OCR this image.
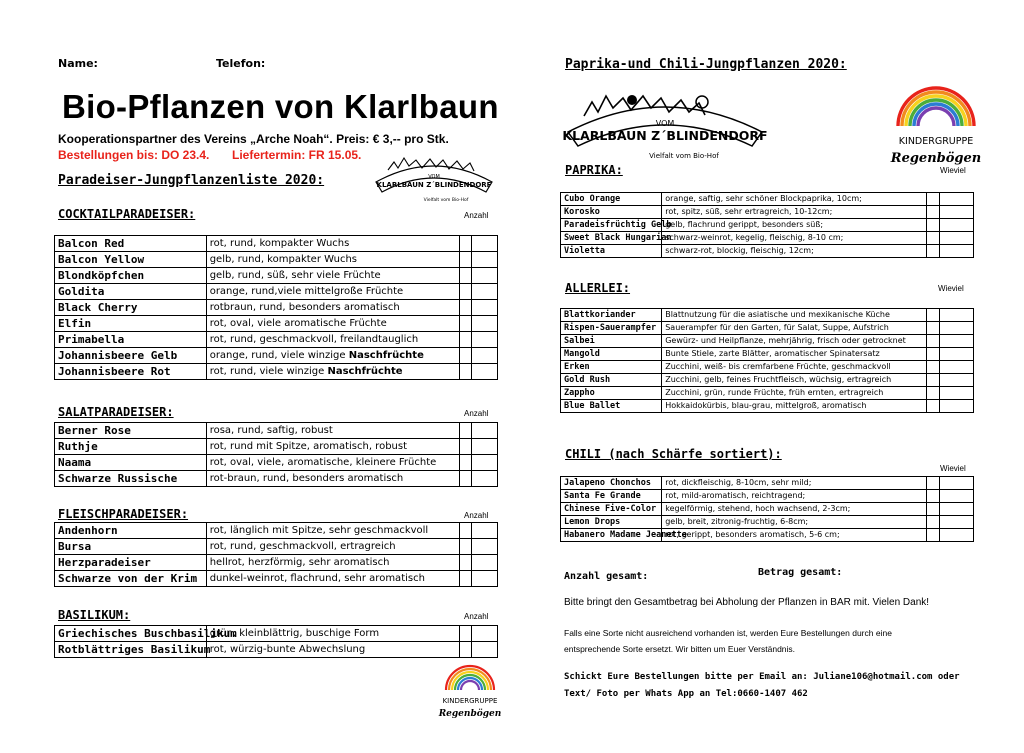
Name:	Telefon:
Bio-Pflanzen von Klarlbaun
Kooperationspartner des Vereins „Arche Noah“. Preis: € 3,-- pro Stk.
Bestellungen bis: DO 23.4. Liefertermin: FR 15.05.
VOM
KLARLBAUN Z´BLINDENDORF
Vielfalt vom Bio-Hof
Paradeiser-Jungpflanzenliste 2020:
COCKTAILPARADEISER:	Anzahl
Balcon Red	rot, rund, kompakter Wuchs		
Balcon Yellow	gelb, rund, kompakter Wuchs		
Blondköpfchen	gelb, rund, süß, sehr viele Früchte		
Goldita	orange, rund,viele mittelgroße Früchte		
Black Cherry	rotbraun, rund, besonders aromatisch		
Elfin	rot, oval, viele aromatische Früchte		
Primabella	rot, rund, geschmackvoll, freilandtauglich		
Johannisbeere Gelb	orange, rund, viele winzige Naschfrüchte		
Johannisbeere Rot	rot, rund, viele winzige Naschfrüchte		
SALATPARADEISER:	Anzahl
Berner Rose	rosa, rund, saftig, robust		
Ruthje	rot, rund mit Spitze, aromatisch, robust		
Naama	rot, oval, viele, aromatische, kleinere Früchte		
Schwarze Russische	rot-braun, rund, besonders aromatisch		
FLEISCHPARADEISER:	Anzahl
Andenhorn	rot, länglich mit Spitze, sehr geschmackvoll		
Bursa	rot, rund, geschmackvoll, ertragreich		
Herzparadeiser	hellrot, herzförmig, sehr aromatisch		
Schwarze von der Krim	dunkel-weinrot, flachrund, sehr aromatisch		
BASILIKUM:	Anzahl
Griechisches Buschbasilikum	grün, kleinblättrig, buschige Form		
Rotblättriges Basilikum	rot, würzig-bunte Abwechslung		
KINDERGRUPPE
Regenbögen
Paprika-und Chili-Jungpflanzen 2020:
VOM
KLARLBAUN Z´BLINDENDORF
Vielfalt vom Bio-Hof
KINDERGRUPPE
Regenbögen
PAPRIKA:	Wieviel
Cubo Orange	orange, saftig, sehr schöner Blockpaprika, 10cm;		
Korosko	rot, spitz, süß, sehr ertragreich, 10-12cm;		
Paradeisfrüchtig Gelb	gelb, flachrund gerippt, besonders süß;		
Sweet Black Hungarian	schwarz-weinrot, kegelig, fleischig, 8-10 cm;		
Violetta	schwarz-rot, blockig, fleischig, 12cm;		
ALLERLEI:	Wieviel
Blattkoriander	Blattnutzung für die asiatische und mexikanische Küche		
Rispen-Sauerampfer	Sauerampfer für den Garten, für Salat, Suppe, Aufstrich		
Salbei	Gewürz- und Heilpflanze, mehrjährig, frisch oder getrocknet		
Mangold	Bunte Stiele, zarte Blätter, aromatischer Spinatersatz		
Erken	Zucchini, weiß- bis cremfarbene Früchte, geschmackvoll		
Gold Rush	Zucchini, gelb, feines Fruchtfleisch, wüchsig, ertragreich		
Zappho	Zucchini, grün, runde Früchte, früh ernten, ertragreich		
Blue Ballet	Hokkaidokürbis, blau-grau, mittelgroß, aromatisch		
CHILI (nach Schärfe sortiert):
Wieviel
Jalapeno Chonchos	rot, dickfleischig, 8-10cm, sehr mild;		
Santa Fe Grande	rot, mild-aromatisch, reichtragend;		
Chinese Five-Color	kegelförmig, stehend, hoch wachsend, 2-3cm;		
Lemon Drops	gelb, breit, zitronig-fruchtig, 6-8cm;		
Habanero Madame Jeanette	rot, gerippt, besonders aromatisch, 5-6 cm;		
Anzahl gesamt:	Betrag gesamt:
Bitte bringt den Gesamtbetrag bei Abholung der Pflanzen in BAR mit. Vielen Dank!
Falls eine Sorte nicht ausreichend vorhanden ist, werden Eure Bestellungen durch eine
entsprechende Sorte ersetzt. Wir bitten um Euer Verständnis.
Schickt Eure Bestellungen bitte per Email an: Juliane106@hotmail.com oder
Text/ Foto per Whats App an Tel:0660-1407 462
